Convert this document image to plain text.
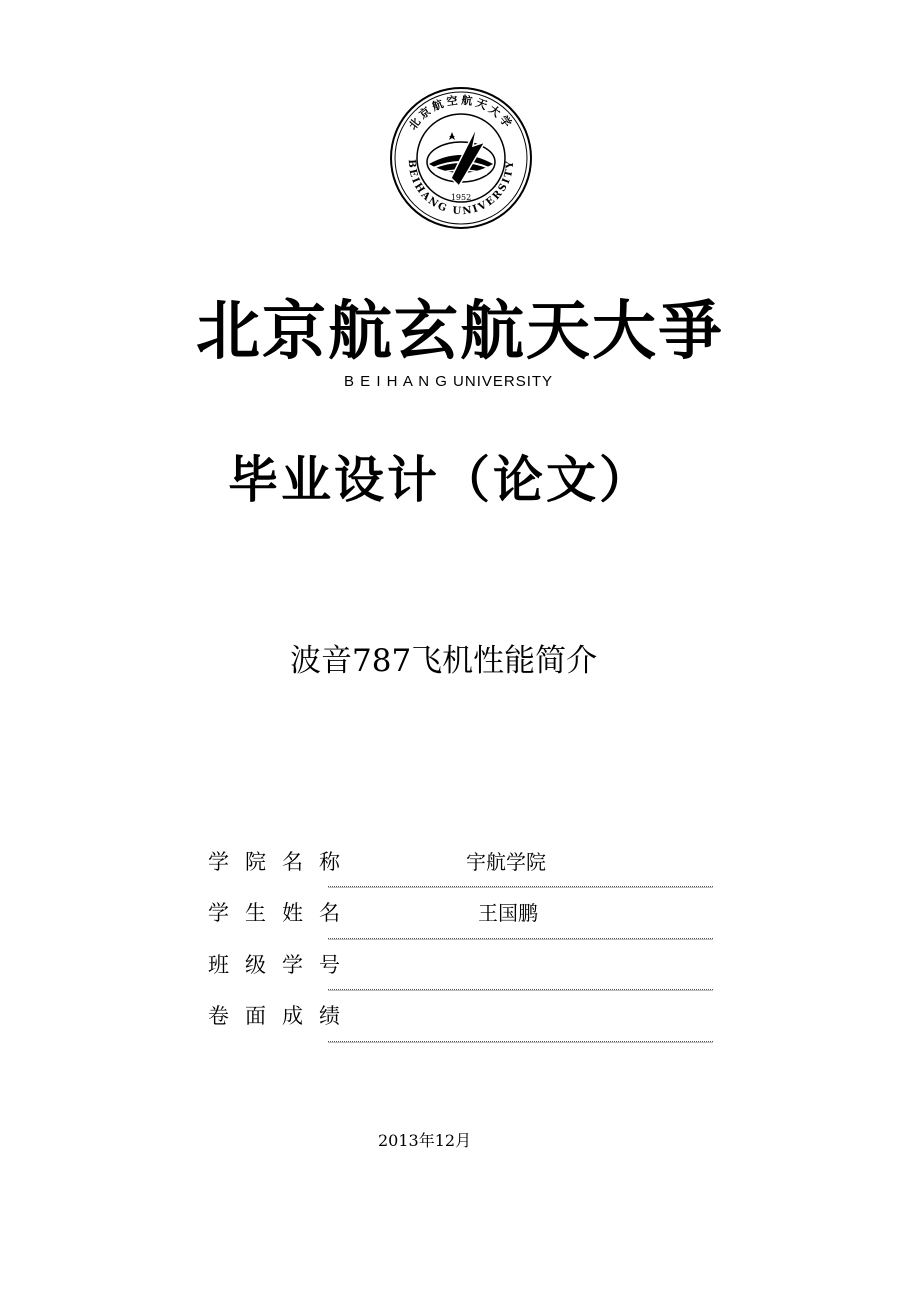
1952
北京航空航天大学
BEIHANG UNIVERSITY
北京航玄航天大爭
B E I H A N G UNIVERSITY
毕业设计（论文）
波音787飞机性能简介
学院名称	宇航学院
学生姓名	王国鹏
班级学号
卷面成绩
2013年12月
